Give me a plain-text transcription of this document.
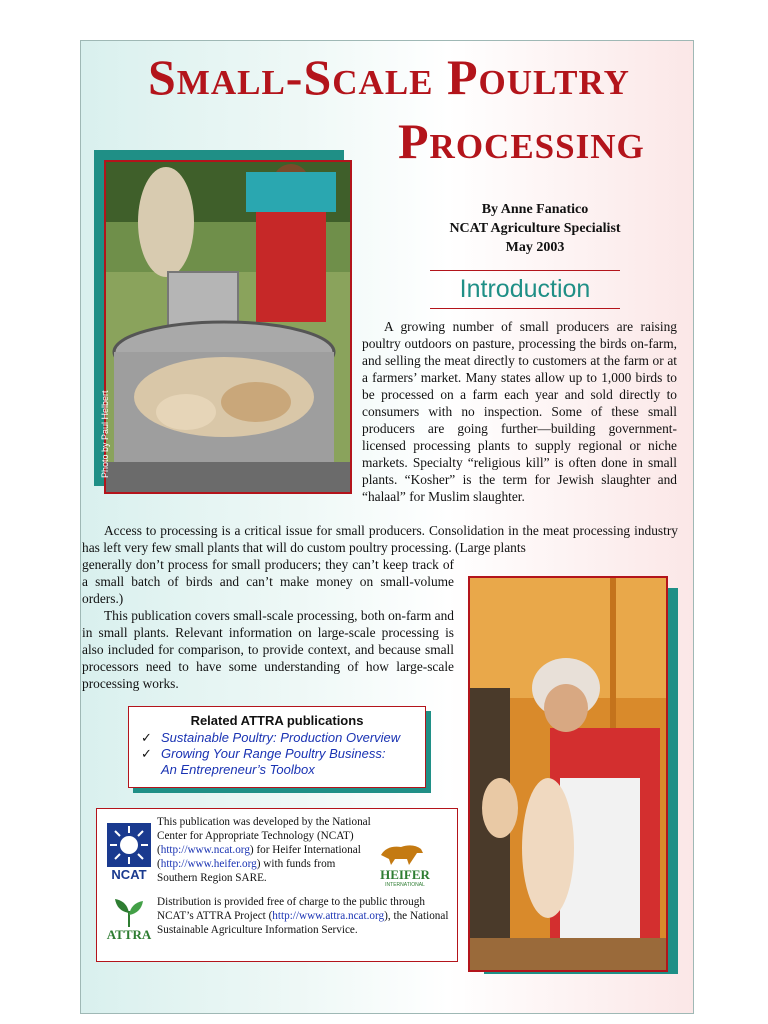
Small-Scale Poultry
Processing
Photo by Paul Helbert
By Anne Fanatico
NCAT Agriculture Specialist
May 2003
Introduction

A growing number of small producers are raising poultry outdoors on pasture, processing the birds on-farm, and selling the meat directly to customers at the farm or at a farmers’ market. Many states allow up to 1,000 birds to be processed on a farm each year and sold directly to consumers with no inspection. Some of these small producers are going further—building government-licensed processing plants to supply regional or niche markets. Specialty “religious kill” is often done in small plants. “Kosher” is the term for Jewish slaughter and “halaal” for Muslim slaughter.

Access to processing is a critical issue for small producers. Consolidation in the meat processing industry has left very few small plants that will do custom poultry processing. (Large plants

generally don’t process for small producers; they can’t keep track of a small batch of birds and can’t make money on small-volume orders.)

This publication covers small-scale processing, both on-farm and in small plants. Relevant information on large-scale processing is also included for comparison, to provide context, and because small processors need to have some understanding of how large-scale processing works.

Related ATTRA publications
✓ Sustainable Poultry: Production Overview
✓ Growing Your Range Poultry Business:
An Entrepreneur’s Toolbox
NCAT
This publication was developed by the National Center for Appropriate Technology (NCAT) (http://www.ncat.org) for Heifer International (http://www.heifer.org) with funds from Southern Region SARE.	HEIFER
INTERNATIONAL
ATTRA
Distribution is provided free of charge to the public through NCAT’s ATTRA Project (http://www.attra.ncat.org), the National Sustainable Agriculture Information Service.
